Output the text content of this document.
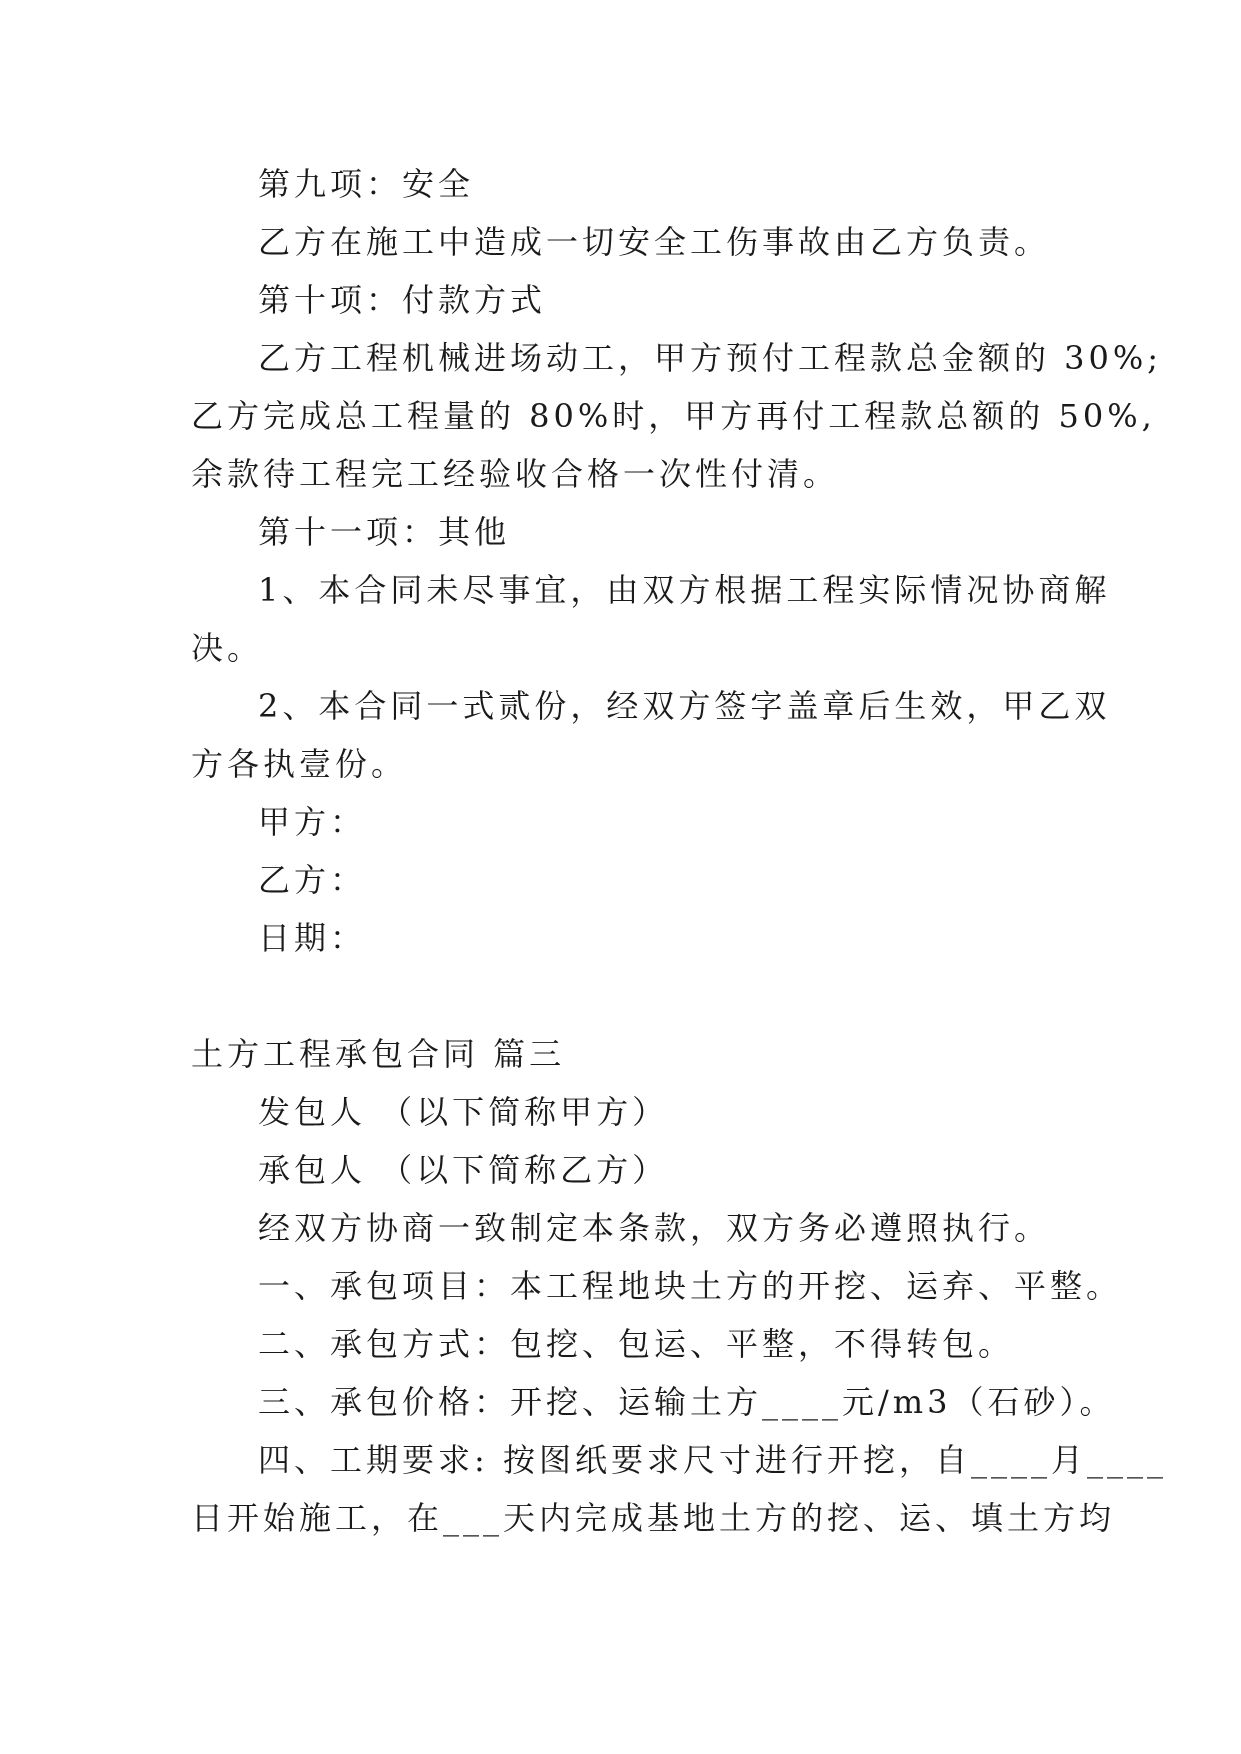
第九项：安全
乙方在施工中造成一切安全工伤事故由乙方负责。
第十项：付款方式
乙方工程机械进场动工，甲方预付工程款总金额的 30%;
乙方完成总工程量的 80%时，甲方再付工程款总额的 50%,
余款待工程完工经验收合格一次性付清。
第十一项：其他
1、本合同未尽事宜，由双方根据工程实际情况协商解
决。
2、本合同一式贰份，经双方签字盖章后生效，甲乙双
方各执壹份。
甲方：
乙方：
日期：
土方工程承包合同 篇三
发包人 （以下简称甲方）
承包人 （以下简称乙方）
经双方协商一致制定本条款，双方务必遵照执行。
一、承包项目：本工程地块土方的开挖、运弃、平整。
二、承包方式：包挖、包运、平整，不得转包。
三、承包价格：开挖、运输土方____元/m3（石砂）。
四、工期要求: 按图纸要求尺寸进行开挖，自____月____
日开始施工，在___天内完成基地土方的挖、运、填土方均
